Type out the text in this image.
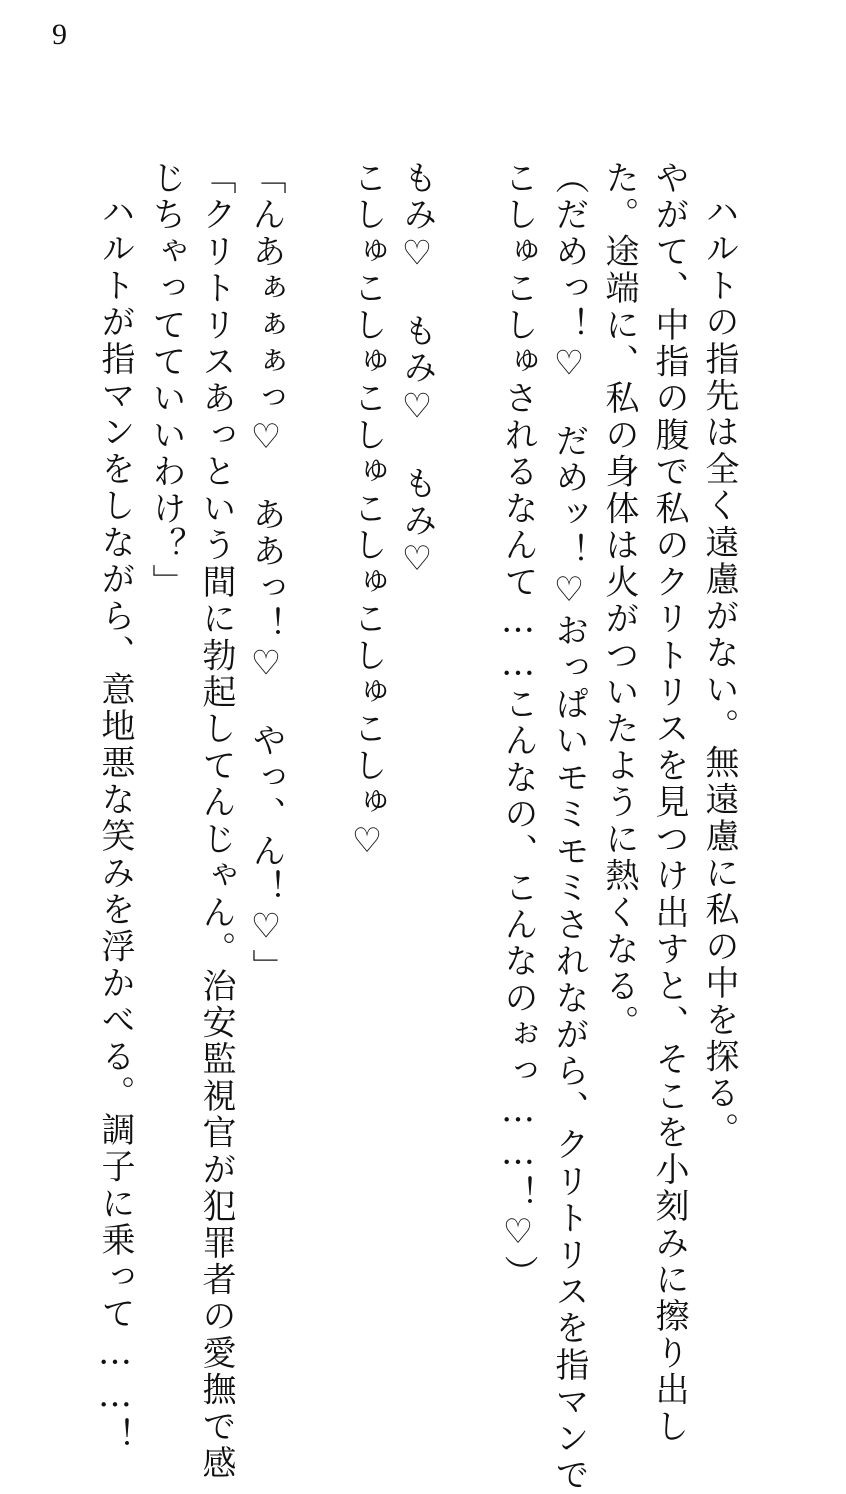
9
ハルトの指先は全く遠慮がない。無遠慮に私の中を探る。
やがて、中指の腹で私のクリトリスを見つけ出すと、そこを小刻みに擦り出し
た。途端に、私の身体は火がついたように熱くなる。
（だめっ！♡　だめッ！♡おっぱいモミモミされながら、クリトリスを指マンで
こしゅこしゅされるなんて……こんなの、こんなのぉっ……！♡）
もみ♡　もみ♡　もみ♡
こしゅこしゅこしゅこしゅこしゅこしゅ♡
「んあぁぁぁっ♡　ああっ！♡　やっ、ん！♡」
「クリトリスあっという間に勃起してんじゃん。治安監視官が犯罪者の愛撫で感
じちゃってていいわけ？」
ハルトが指マンをしながら、意地悪な笑みを浮かべる。調子に乗って……！
